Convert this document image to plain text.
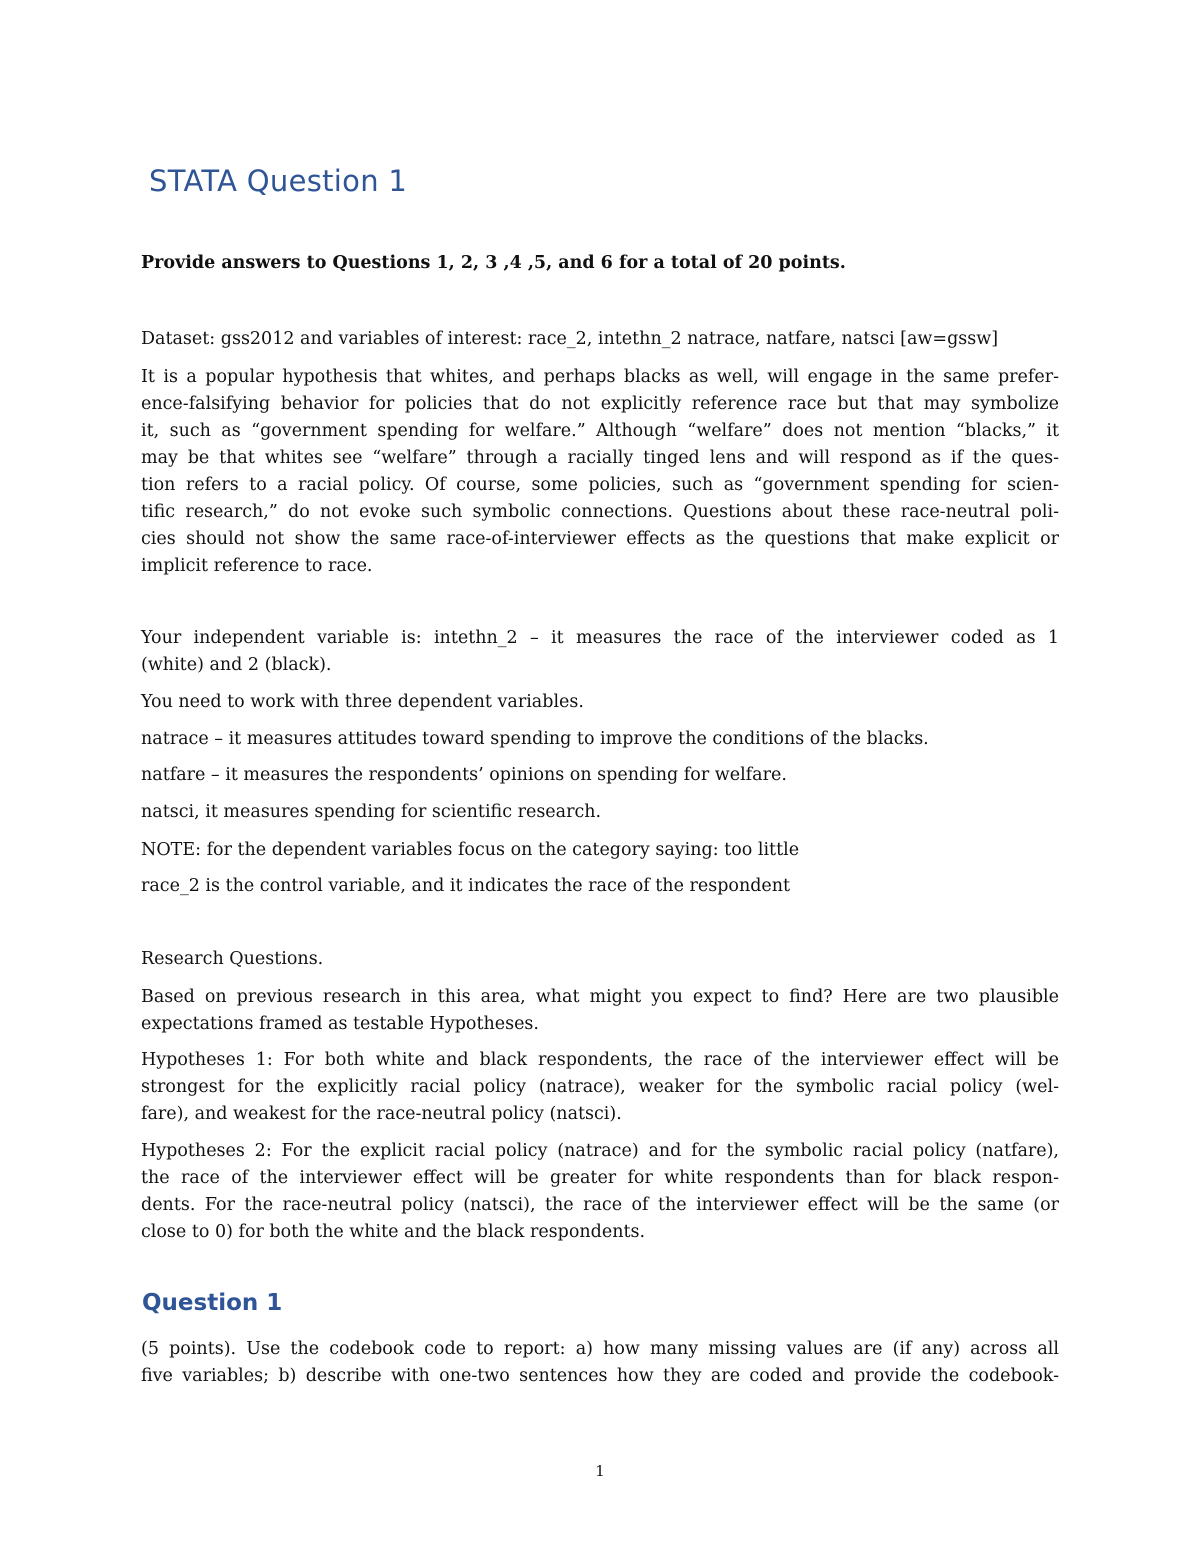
STATA Question 1

Provide answers to Questions 1, 2, 3 ,4 ,5, and 6 for a total of 20 points.

Dataset: gss2012 and variables of interest: race_2, intethn_2 natrace, natfare, natsci [aw=gssw]

It is a popular hypothesis that whites, and perhaps blacks as well, will engage in the same prefer-
ence-falsifying behavior for policies that do not explicitly reference race but that may symbolize
it, such as “government spending for welfare.” Although “welfare” does not mention “blacks,” it
may be that whites see “welfare” through a racially tinged lens and will respond as if the ques-
tion refers to a racial policy. Of course, some policies, such as “government spending for scien-
tific research,” do not evoke such symbolic connections. Questions about these race-neutral poli-
cies should not show the same race-of-interviewer effects as the questions that make explicit or
implicit reference to race.
Your independent variable is: intethn_2 – it measures the race of the interviewer coded as 1
(white) and 2 (black).

You need to work with three dependent variables.

natrace – it measures attitudes toward spending to improve the conditions of the blacks.

natfare – it measures the respondents’ opinions on spending for welfare.

natsci, it measures spending for scientific research.

NOTE: for the dependent variables focus on the category saying: too little

race_2 is the control variable, and it indicates the race of the respondent

Research Questions.

Based on previous research in this area, what might you expect to find? Here are two plausible
expectations framed as testable Hypotheses.
Hypotheses 1: For both white and black respondents, the race of the interviewer effect will be
strongest for the explicitly racial policy (natrace), weaker for the symbolic racial policy (wel-
fare), and weakest for the race-neutral policy (natsci).
Hypotheses 2: For the explicit racial policy (natrace) and for the symbolic racial policy (natfare),
the race of the interviewer effect will be greater for white respondents than for black respon-
dents. For the race-neutral policy (natsci), the race of the interviewer effect will be the same (or
close to 0) for both the white and the black respondents.
Question 1
(5 points). Use the codebook code to report: a) how many missing values are (if any) across all
five variables; b) describe with one-two sentences how they are coded and provide the codebook-
1
